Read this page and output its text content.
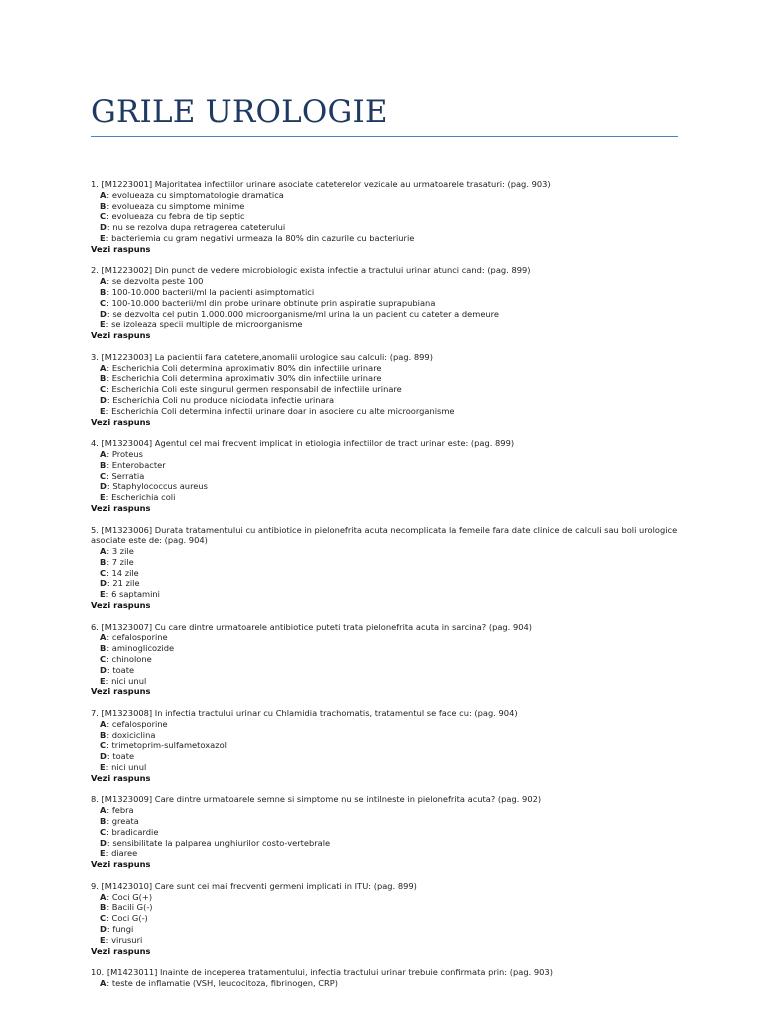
GRILE UROLOGIE
1. [M1223001] Majoritatea infectiilor urinare asociate cateterelor vezicale au urmatoarele trasaturi: (pag. 903)
A: evolueaza cu simptomatologie dramatica
B: evolueaza cu simptome minime
C: evolueaza cu febra de tip septic
D: nu se rezolva dupa retragerea cateterului
E: bacteriemia cu gram negativi urmeaza la 80% din cazurile cu bacteriurie
Vezi raspuns
2. [M1223002] Din punct de vedere microbiologic exista infectie a tractului urinar atunci cand: (pag. 899)
A: se dezvolta peste 100
B: 100-10.000 bacterii/ml la pacienti asimptomatici
C: 100-10.000 bacterii/ml din probe urinare obtinute prin aspiratie suprapubiana
D: se dezvolta cel putin 1.000.000 microorganisme/ml urina la un pacient cu cateter a demeure
E: se izoleaza specii multiple de microorganisme
Vezi raspuns
3. [M1223003] La pacientii fara catetere,anomalii urologice sau calculi: (pag. 899)
A: Escherichia Coli determina aproximativ 80% din infectiile urinare
B: Escherichia Coli determina aproximativ 30% din infectiile urinare
C: Escherichia Coli este singurul germen responsabil de infectiile urinare
D: Escherichia Coli nu produce niciodata infectie urinara
E: Escherichia Coli determina infectii urinare doar in asociere cu alte microorganisme
Vezi raspuns
4. [M1323004] Agentul cel mai frecvent implicat in etiologia infectiilor de tract urinar este: (pag. 899)
A: Proteus
B: Enterobacter
C: Serratia
D: Staphylococcus aureus
E: Escherichia coli
Vezi raspuns
5. [M1323006] Durata tratamentului cu antibiotice in pielonefrita acuta necomplicata la femeile fara date clinice de calculi sau boli urologice asociate este de: (pag. 904)
A: 3 zile
B: 7 zile
C: 14 zile
D: 21 zile
E: 6 saptamini
Vezi raspuns
6. [M1323007] Cu care dintre urmatoarele antibiotice puteti trata pielonefrita acuta in sarcina? (pag. 904)
A: cefalosporine
B: aminoglicozide
C: chinolone
D: toate
E: nici unul
Vezi raspuns
7. [M1323008] In infectia tractului urinar cu Chlamidia trachomatis, tratamentul se face cu: (pag. 904)
A: cefalosporine
B: doxiciclina
C: trimetoprim-sulfametoxazol
D: toate
E: nici unul
Vezi raspuns
8. [M1323009] Care dintre urmatoarele semne si simptome nu se intilneste in pielonefrita acuta? (pag. 902)
A: febra
B: greata
C: bradicardie
D: sensibilitate la palparea unghiurilor costo-vertebrale
E: diaree
Vezi raspuns
9. [M1423010] Care sunt cei mai frecventi germeni implicati in ITU: (pag. 899)
A: Coci G(+)
B: Bacili G(-)
C: Coci G(-)
D: fungi
E: virusuri
Vezi raspuns
10. [M1423011] Inainte de inceperea tratamentului, infectia tractului urinar trebuie confirmata prin: (pag. 903)
A: teste de inflamatie (VSH, leucocitoza, fibrinogen, CRP)
